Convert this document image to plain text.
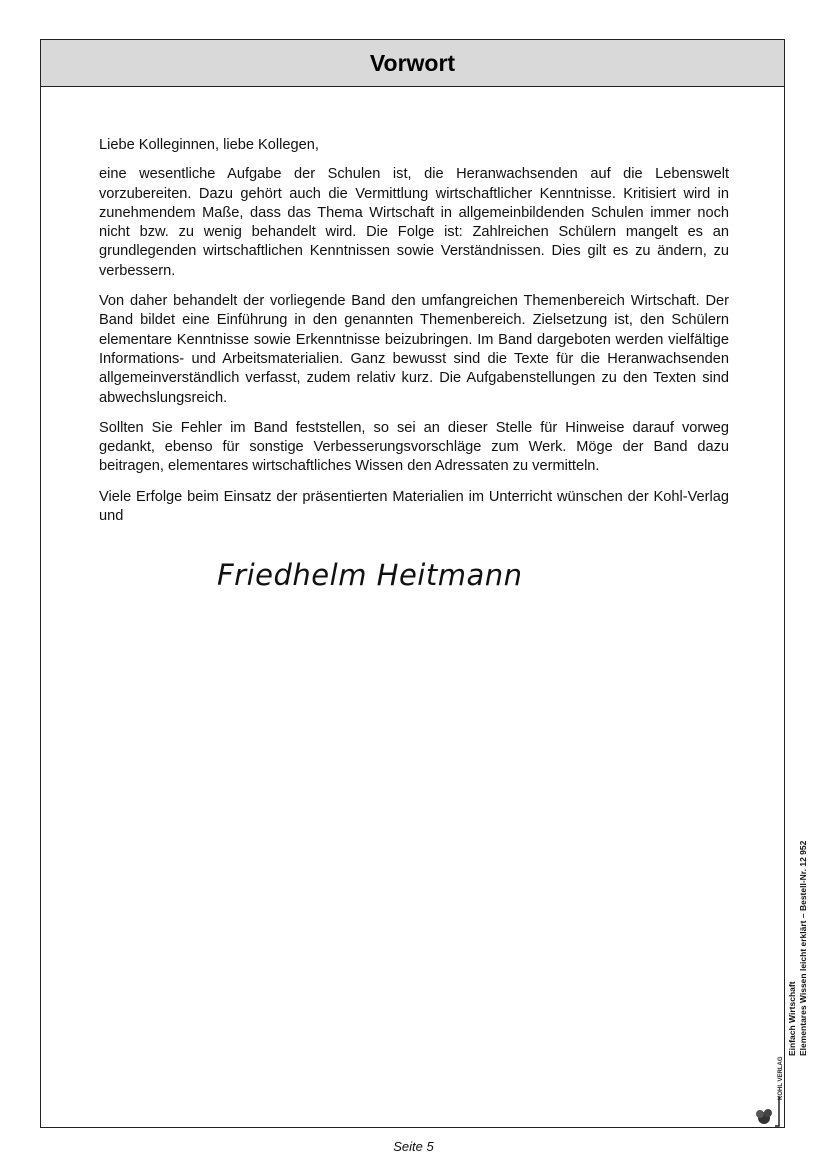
Vorwort

Liebe Kolleginnen, liebe Kollegen,

eine wesentliche Aufgabe der Schulen ist, die Heranwachsenden auf die Lebenswelt vorzubereiten. Dazu gehört auch die Vermittlung wirtschaftlicher Kenntnisse. Kritisiert wird in zunehmendem Maße, dass das Thema Wirtschaft in allgemeinbildenden Schulen immer noch nicht bzw. zu wenig behandelt wird. Die Folge ist: Zahlreichen Schülern mangelt es an grundlegenden wirtschaftlichen Kenntnissen sowie Verständnissen. Dies gilt es zu ändern, zu verbessern.

Von daher behandelt der vorliegende Band den umfangreichen Themenbereich Wirtschaft. Der Band bildet eine Einführung in den genannten Themenbereich. Zielsetzung ist, den Schülern elementare Kenntnisse sowie Erkenntnisse beizubringen. Im Band dargeboten werden vielfältige Informations- und Arbeitsmaterialien. Ganz bewusst sind die Texte für die Heranwachsenden allgemeinverständlich verfasst, zudem relativ kurz. Die Aufgabenstellungen zu den Texten sind abwechslungsreich.

Sollten Sie Fehler im Band feststellen, so sei an dieser Stelle für Hinweise darauf vorweg gedankt, ebenso für sonstige Verbesserungsvorschläge zum Werk. Möge der Band dazu beitragen, elementares wirtschaftliches Wissen den Adressaten zu vermitteln.

Viele Erfolge beim Einsatz der präsentierten Materialien im Unterricht wünschen der Kohl-Verlag und

Friedhelm Heitmann
Einfach Wirtschaft Elementares Wissen leicht erklärt – Bestell-Nr. 12 952
KOHL VERLAG
Seite 5
